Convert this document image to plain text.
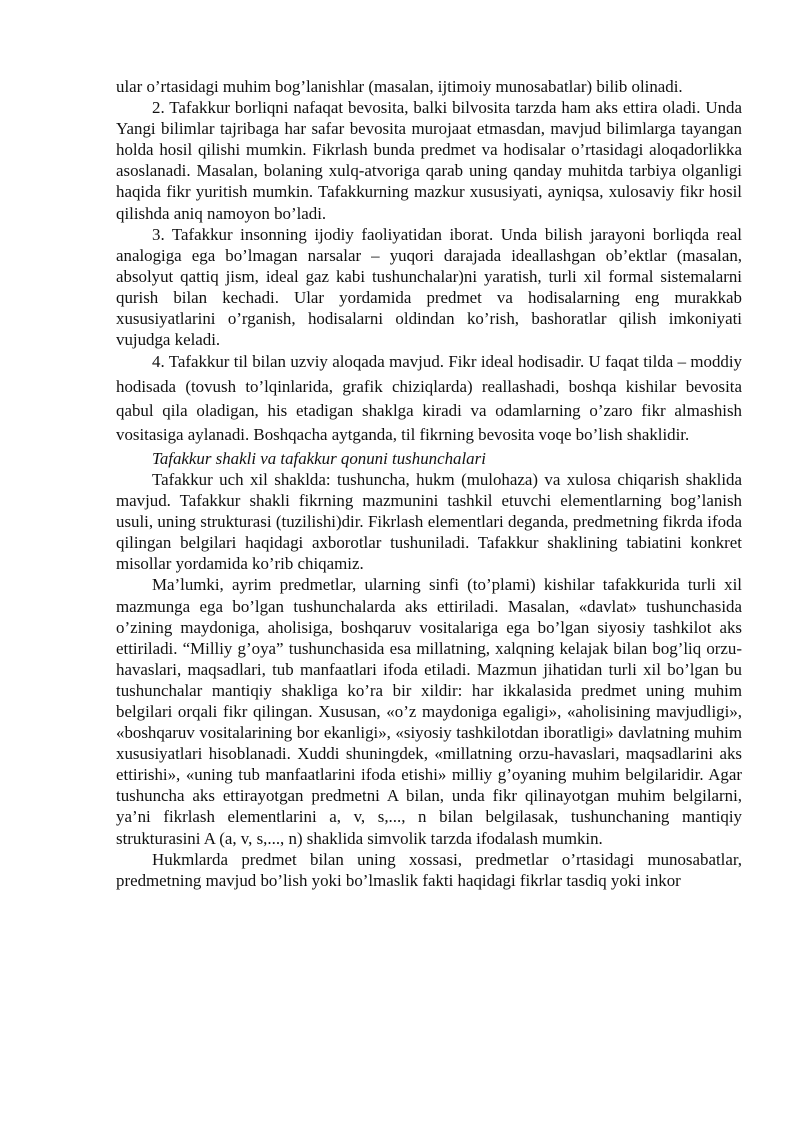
ular o’rtasidagi muhim bog’lanishlar (masalan, ijtimoiy munosabatlar) bilib olinadi.

2. Tafakkur borliqni nafaqat bevosita, balki bilvosita tarzda ham aks ettira oladi. Unda Yangi bilimlar tajribaga har safar bevosita murojaat etmasdan, mavjud bilimlarga tayangan holda hosil qilishi mumkin. Fikrlash bunda predmet va hodisalar o’rtasidagi aloqadorlikka asoslanadi. Masalan, bolaning xulq-atvoriga qarab uning qanday muhitda tarbiya olganligi haqida fikr yuritish mumkin. Tafakkurning mazkur xususiyati, ayniqsa, xulosaviy fikr hosil qilishda aniq namoyon bo’ladi.

3. Tafakkur insonning ijodiy faoliyatidan iborat. Unda bilish jarayoni borliqda real analogiga ega bo’lmagan narsalar – yuqori darajada ideallashgan ob’ektlar (masalan, absolyut qattiq jism, ideal gaz kabi tushunchalar)ni yaratish, turli xil formal sistemalarni qurish bilan kechadi. Ular yordamida predmet va hodisalarning eng murakkab xususiyatlarini o’rganish, hodisalarni oldindan ko’rish, bashoratlar qilish imkoniyati vujudga keladi.

4. Tafakkur til bilan uzviy aloqada mavjud. Fikr ideal hodisadir. U faqat tilda – moddiy hodisada (tovush to’lqinlarida, grafik chiziqlarda) reallashadi, boshqa kishilar bevosita qabul qila oladigan, his etadigan shaklga kiradi va odamlarning o’zaro fikr almashish vositasiga aylanadi. Boshqacha aytganda, til fikrning bevosita voqe bo’lish shaklidir.

Tafakkur shakli va tafakkur qonuni tushunchalari

Tafakkur uch xil shaklda: tushuncha, hukm (mulohaza) va xulosa chiqarish shaklida mavjud. Tafakkur shakli fikrning mazmunini tashkil etuvchi elementlarning bog’lanish usuli, uning strukturasi (tuzilishi)dir. Fikrlash elementlari deganda, predmetning fikrda ifoda qilingan belgilari haqidagi axborotlar tushuniladi. Tafakkur shaklining tabiatini konkret misollar yordamida ko’rib chiqamiz.

Ma’lumki, ayrim predmetlar, ularning sinfi (to’plami) kishilar tafakkurida turli xil mazmunga ega bo’lgan tushunchalarda aks ettiriladi. Masalan, «davlat» tushunchasida o’zining maydoniga, aholisiga, boshqaruv vositalariga ega bo’lgan siyosiy tashkilot aks ettiriladi. “Milliy g’oya” tushunchasida esa millatning, xalqning kelajak bilan bog’liq orzu-havaslari, maqsadlari, tub manfaatlari ifoda etiladi. Mazmun jihatidan turli xil bo’lgan bu tushunchalar mantiqiy shakliga ko’ra bir xildir: har ikkalasida predmet uning muhim belgilari orqali fikr qilingan. Xususan, «o’z maydoniga egaligi», «aholisining mavjudligi», «boshqaruv vositalarining bor ekanligi», «siyosiy tashkilotdan iboratligi» davlatning muhim xususiyatlari hisoblanadi. Xuddi shuningdek, «millatning orzu-havaslari, maqsadlarini aks ettirishi», «uning tub manfaatlarini ifoda etishi» milliy g’oyaning muhim belgilaridir. Agar tushuncha aks ettirayotgan predmetni A bilan, unda fikr qilinayotgan muhim belgilarni, ya’ni fikrlash elementlarini a, v, s,..., n bilan belgilasak, tushunchaning mantiqiy strukturasini A (a, v, s,..., n) shaklida simvolik tarzda ifodalash mumkin.

Hukmlarda predmet bilan uning xossasi, predmetlar o’rtasidagi munosabatlar, predmetning mavjud bo’lish yoki bo’lmaslik fakti haqidagi fikrlar tasdiq yoki inkor
